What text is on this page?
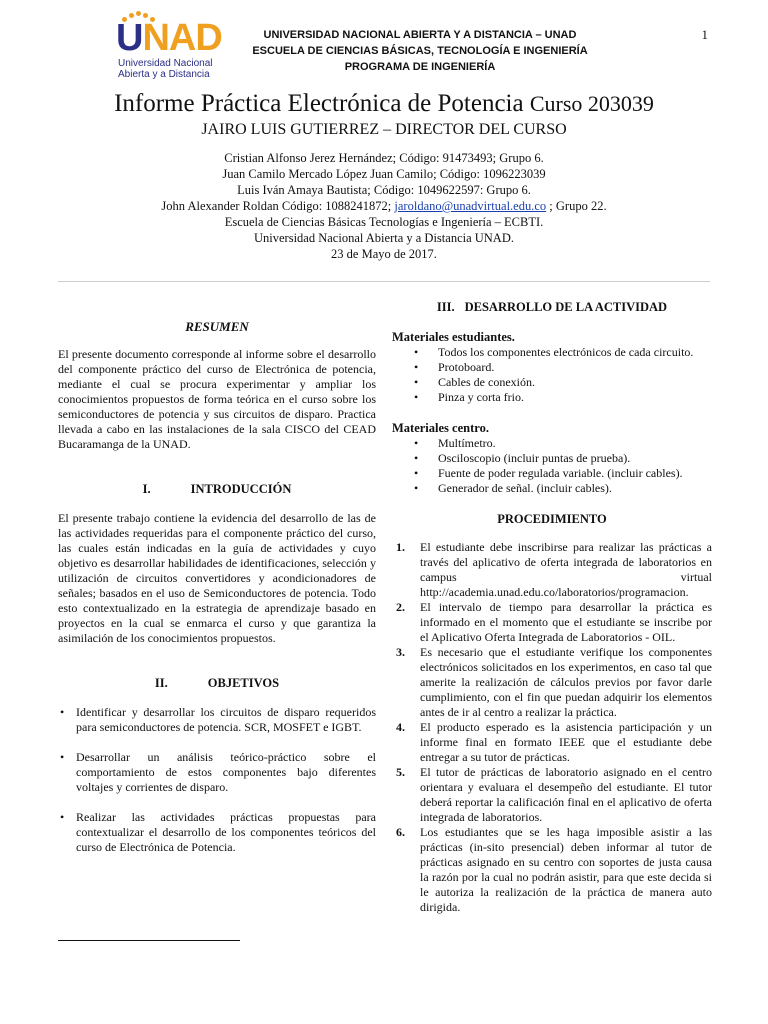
UNAD
Universidad Nacional
Abierta y a Distancia
UNIVERSIDAD NACIONAL ABIERTA Y A DISTANCIA – UNAD
ESCUELA DE CIENCIAS BÁSICAS, TECNOLOGÍA E INGENIERÍA
PROGRAMA DE INGENIERÍA
1
Informe Práctica Electrónica de Potencia Curso 203039
JAIRO LUIS GUTIERREZ – DIRECTOR DEL CURSO
Cristian Alfonso Jerez Hernández; Código: 91473493; Grupo 6.
Juan Camilo Mercado López Juan Camilo; Código: 1096223039
Luis Iván Amaya Bautista; Código: 1049622597: Grupo 6.
John Alexander Roldan Código: 1088241872; jaroldano@unadvirtual.edu.co ; Grupo 22.
Escuela de Ciencias Básicas Tecnologías e Ingeniería – ECBTI.
Universidad Nacional Abierta y a Distancia UNAD.
23 de Mayo de 2017.
RESUMEN

El presente documento corresponde al informe sobre el desarrollo del componente práctico del curso de Electrónica de potencia, mediante el cual se procura experimentar y ampliar los conocimientos propuestos de forma teórica en el curso sobre los semiconductores de potencia y sus circuitos de disparo. Practica llevada a cabo en las instalaciones de la sala CISCO del CEAD Bucaramanga de la UNAD.

I.	INTRODUCCIÓN

El presente trabajo contiene la evidencia del desarrollo de las de las actividades requeridas para el componente práctico del curso, las cuales están indicadas en la guía de actividades y cuyo objetivo es desarrollar habilidades de identificaciones, selección y utilización de circuitos convertidores y acondicionadores de señales; basados en el uso de Semiconductores de potencia. Todo esto contextualizado en la estrategia de aprendizaje basado en proyectos en la cual se enmarca el curso y que garantiza la asimilación de los conocimientos propuestos.

II.	OBJETIVOS
• Identificar y desarrollar los circuitos de disparo requeridos para semiconductores de potencia. SCR, MOSFET e IGBT.
• Desarrollar un análisis teórico-práctico sobre el comportamiento de estos componentes bajo diferentes voltajes y corrientes de disparo.
• Realizar las actividades prácticas propuestas para contextualizar el desarrollo de los componentes teóricos del curso de Electrónica de Potencia.
III. DESARROLLO DE LA ACTIVIDAD
Materiales estudiantes.
• Todos los componentes electrónicos de cada circuito.
• Protoboard.
• Cables de conexión.
• Pinza y corta frio.
Materiales centro.
• Multímetro.
• Osciloscopio (incluir puntas de prueba).
• Fuente de poder regulada variable. (incluir cables).
• Generador de señal. (incluir cables).
PROCEDIMIENTO
1. El estudiante debe inscribirse para realizar las prácticas a través del aplicativo de oferta integrada de laboratorios en campus virtual http://academia.unad.edu.co/laboratorios/programacion.
2. El intervalo de tiempo para desarrollar la práctica es informado en el momento que el estudiante se inscribe por el Aplicativo Oferta Integrada de Laboratorios - OIL.
3. Es necesario que el estudiante verifique los componentes electrónicos solicitados en los experimentos, en caso tal que amerite la realización de cálculos previos por favor darle cumplimiento, con el fin que puedan adquirir los elementos antes de ir al centro a realizar la práctica.
4. El producto esperado es la asistencia participación y un informe final en formato IEEE que el estudiante debe entregar a su tutor de prácticas.
5. El tutor de prácticas de laboratorio asignado en el centro orientara y evaluara el desempeño del estudiante. El tutor deberá reportar la calificación final en el aplicativo de oferta integrada de laboratorios.
6. Los estudiantes que se les haga imposible asistir a las prácticas (in-sito presencial) deben informar al tutor de prácticas asignado en su centro con soportes de justa causa la razón por la cual no podrán asistir, para que este decida si le autoriza la realización de la práctica de manera auto dirigida.
